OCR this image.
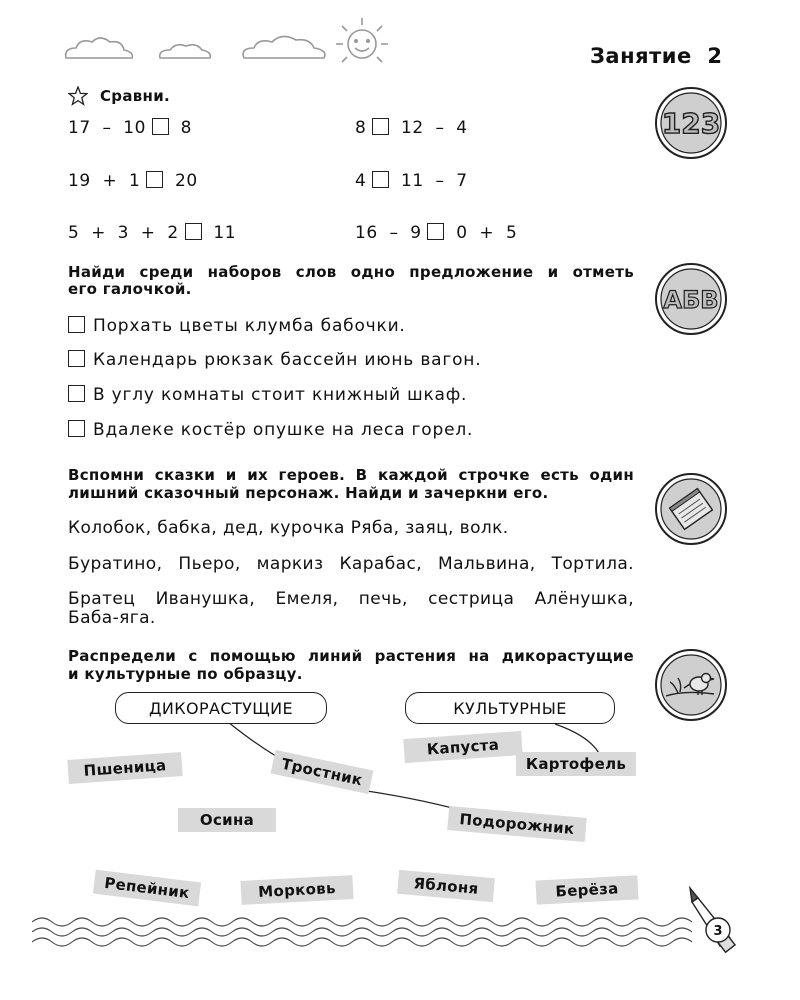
Занятие 2
Сравни.
17  –  10 8	8 12  –  4
19  +  1 20	4 11  –  7
5  +  3  +  2 11	16  –  9 0  +  5
123
Найди среди наборов слов одно предложение и отметь
его галочкой.
Порхать цветы клумба бабочки.
Календарь рюкзак бассейн июнь вагон.
В углу комнаты стоит книжный шкаф.
Вдалеке костёр опушке на леса горел.
АБВ
Вспомни сказки и их героев. В каждой строчке есть один
лишний сказочный персонаж. Найди и зачеркни его.
Колобок, бабка, дед, курочка Ряба, заяц, волк.
Буратино, Пьеро, маркиз Карабас, Мальвина, Тортила.
Братец Иванушка, Емеля, печь, сестрица Алёнушка,
Баба-яга.
Распредели с помощью линий растения на дикорастущие
и культурные по образцу.
ДИКОРАСТУЩИЕ	КУЛЬТУРНЫЕ
Пшеница	Тростник
Капуста
Картофель
Осина	Подорожник
Репейник	Морковь	Яблоня	Берёза
3
